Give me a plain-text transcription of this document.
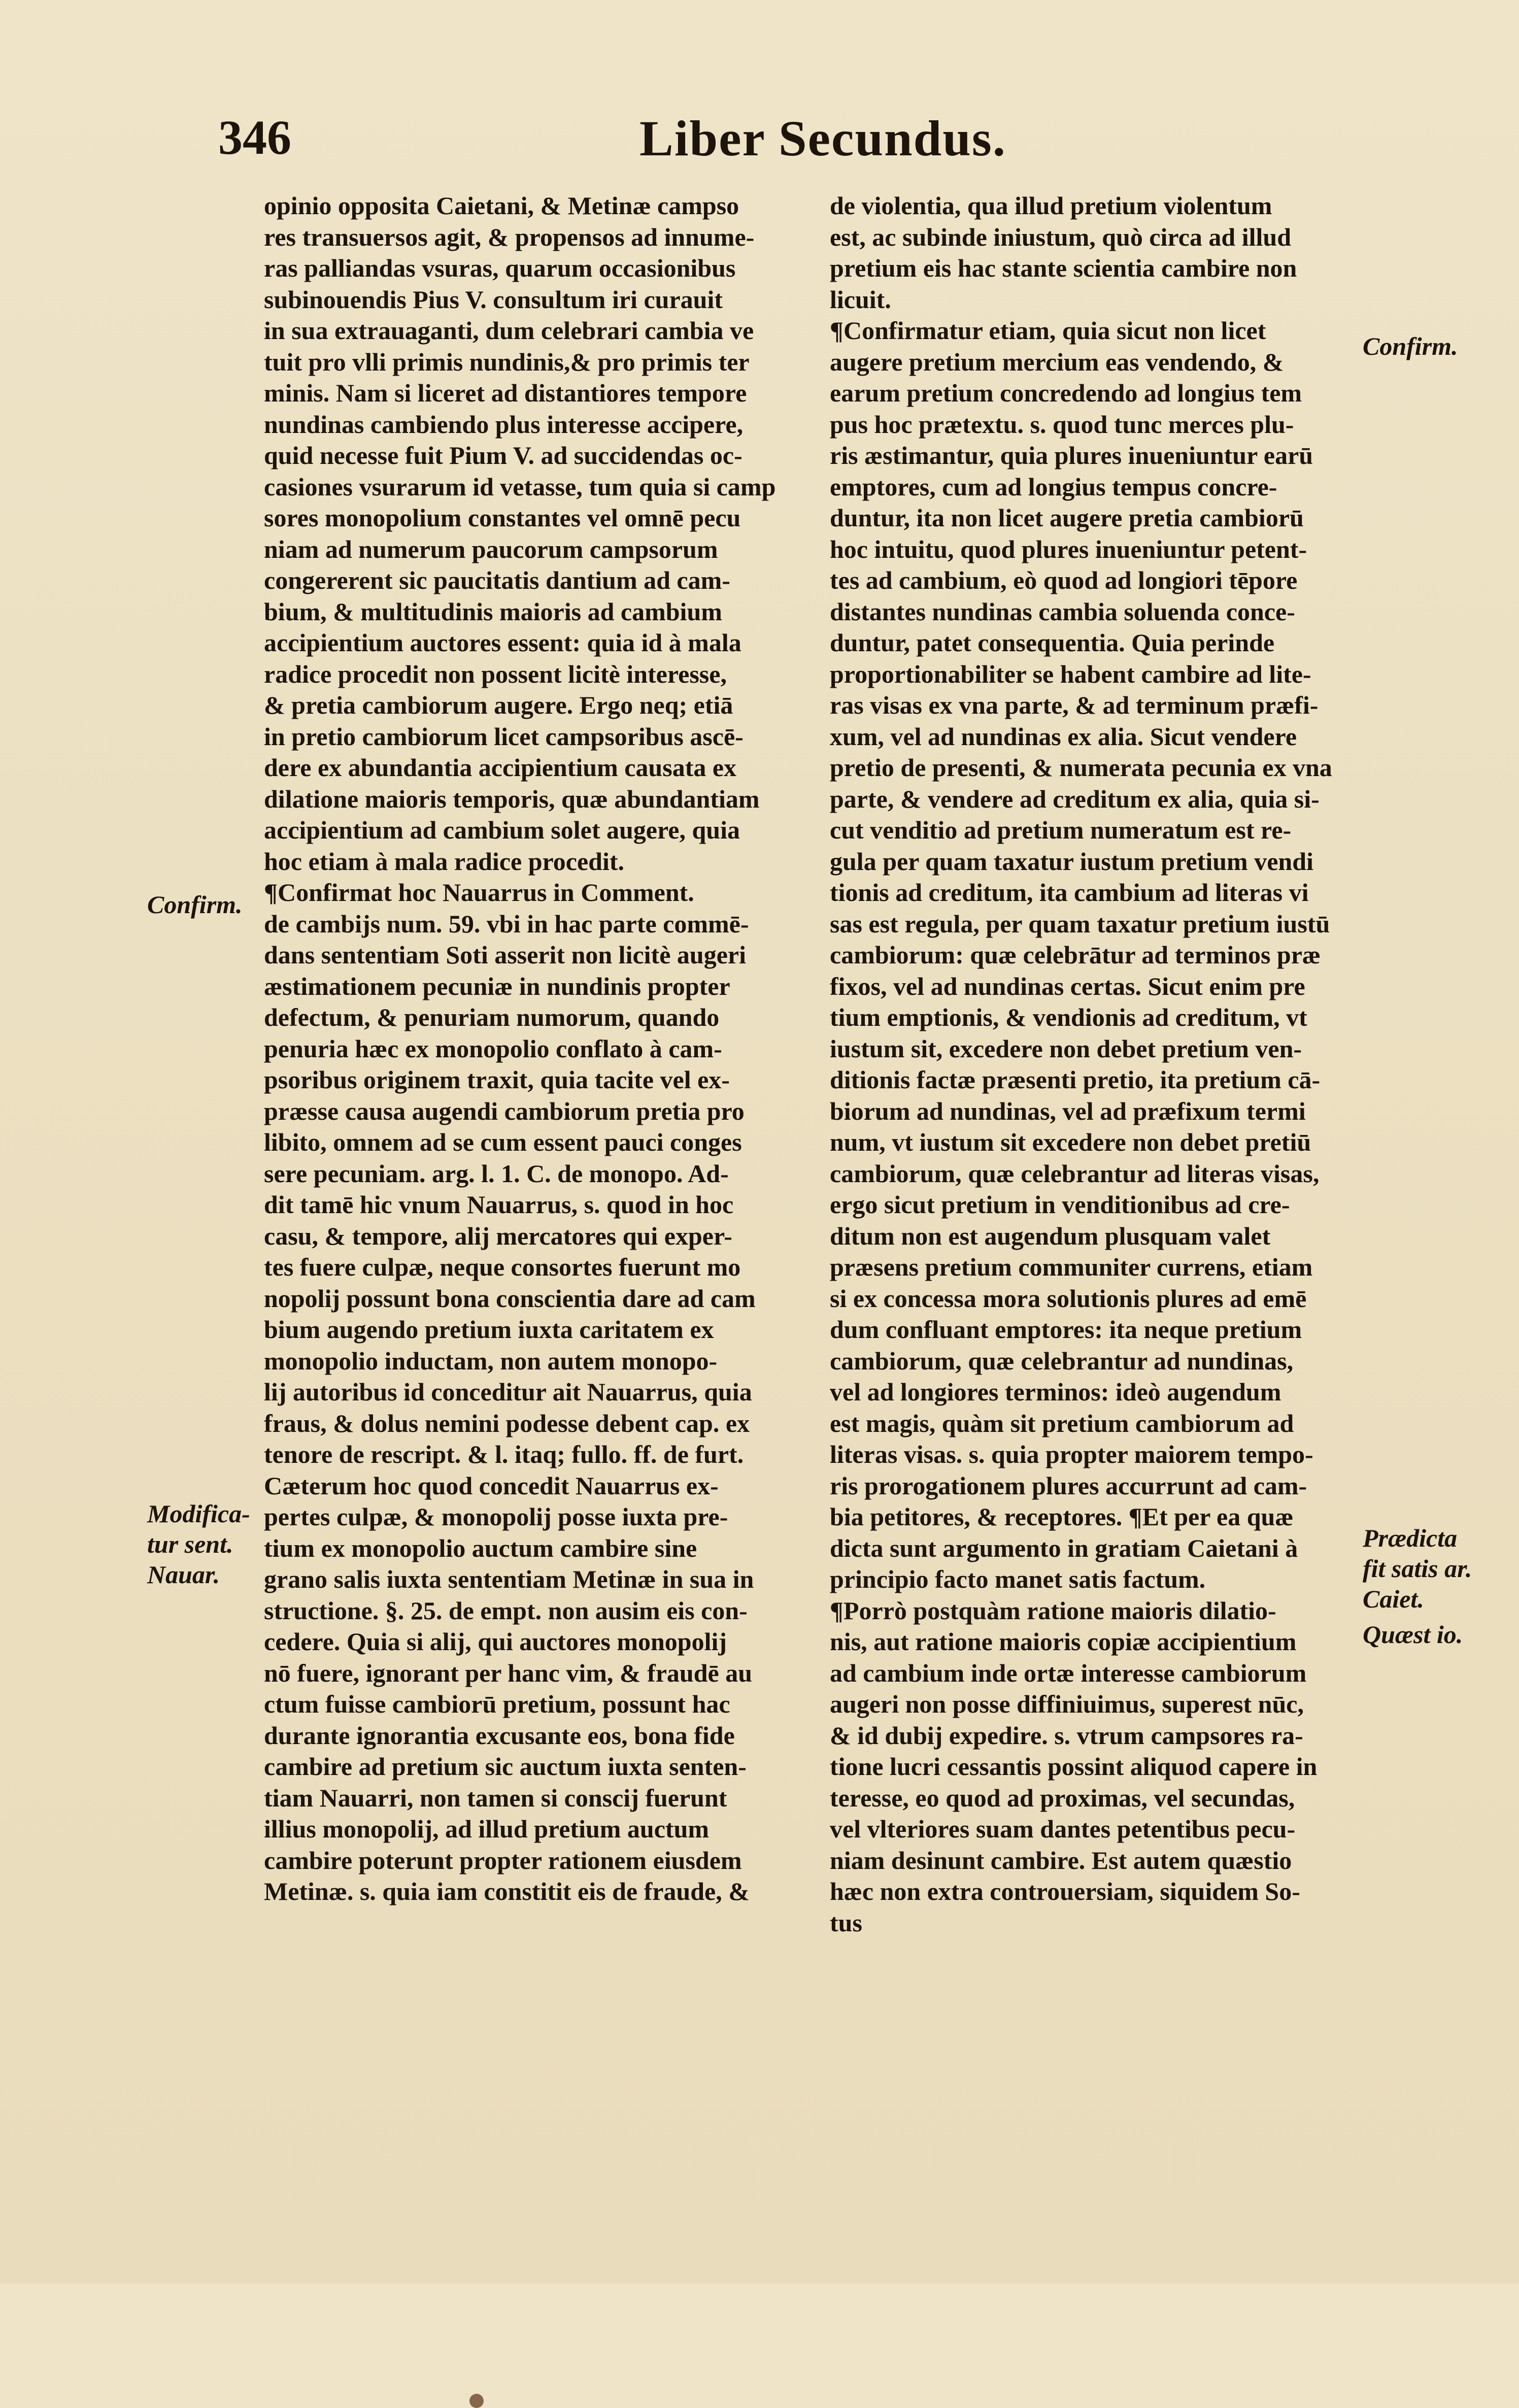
346	Liber Secundus.
opinio opposita Caietani, & Metinæ campso
res transuersos agit, & propensos ad innume-
ras palliandas vsuras, quarum occasionibus
subinouendis Pius V. consultum iri curauit
in sua extrauaganti, dum celebrari cambia ve
tuit pro vlli primis nundinis,& pro primis ter
minis. Nam si liceret ad distantiores tempore
nundinas cambiendo plus interesse accipere,
quid necesse fuit Pium V. ad succidendas oc-
casiones vsurarum id vetasse, tum quia si camp
sores monopolium constantes vel omnē pecu
niam ad numerum paucorum campsorum
congererent sic paucitatis dantium ad cam-
bium, & multitudinis maioris ad cambium
accipientium auctores essent: quia id à mala
radice procedit non possent licitè interesse,
& pretia cambiorum augere. Ergo neq; etiā
in pretio cambiorum licet campsoribus ascē-
dere ex abundantia accipientium causata ex
dilatione maioris temporis, quæ abundantiam
accipientium ad cambium solet augere, quia
hoc etiam à mala radice procedit.
¶Confirmat hoc Nauarrus in Comment.
de cambijs num. 59. vbi in hac parte commē-
dans sententiam Soti asserit non licitè augeri
æstimationem pecuniæ in nundinis propter
defectum, & penuriam numorum, quando
penuria hæc ex monopolio conflato à cam-
psoribus originem traxit, quia tacite vel ex-
præsse causa augendi cambiorum pretia pro
libito, omnem ad se cum essent pauci conges
sere pecuniam. arg. l. 1. C. de monopo. Ad-
dit tamē hic vnum Nauarrus, s. quod in hoc
casu, & tempore, alij mercatores qui exper-
tes fuere culpæ, neque consortes fuerunt mo
nopolij possunt bona conscientia dare ad cam
bium augendo pretium iuxta caritatem ex
monopolio inductam, non autem monopo-
lij autoribus id conceditur ait Nauarrus, quia
fraus, & dolus nemini podesse debent cap. ex
tenore de rescript. & l. itaq; fullo. ff. de furt.
Cæterum hoc quod concedit Nauarrus ex-
pertes culpæ, & monopolij posse iuxta pre-
tium ex monopolio auctum cambire sine
grano salis iuxta sententiam Metinæ in sua in
structione. §. 25. de empt. non ausim eis con-
cedere. Quia si alij, qui auctores monopolij
nō fuere, ignorant per hanc vim, & fraudē au
ctum fuisse cambiorū pretium, possunt hac
durante ignorantia excusante eos, bona fide
cambire ad pretium sic auctum iuxta senten-
tiam Nauarri, non tamen si conscij fuerunt
illius monopolij, ad illud pretium auctum
cambire poterunt propter rationem eiusdem
Metinæ. s. quia iam constitit eis de fraude, &
de violentia, qua illud pretium violentum
est, ac subinde iniustum, quò circa ad illud
pretium eis hac stante scientia cambire non
licuit.
¶Confirmatur etiam, quia sicut non licet
augere pretium mercium eas vendendo, &
earum pretium concredendo ad longius tem
pus hoc prætextu. s. quod tunc merces plu-
ris æstimantur, quia plures inueniuntur earū
emptores, cum ad longius tempus concre-
duntur, ita non licet augere pretia cambiorū
hoc intuitu, quod plures inueniuntur petent-
tes ad cambium, eò quod ad longiori tēpore
distantes nundinas cambia soluenda conce-
duntur, patet consequentia. Quia perinde
proportionabiliter se habent cambire ad lite-
ras visas ex vna parte, & ad terminum præfi-
xum, vel ad nundinas ex alia. Sicut vendere
pretio de presenti, & numerata pecunia ex vna
parte, & vendere ad creditum ex alia, quia si-
cut venditio ad pretium numeratum est re-
gula per quam taxatur iustum pretium vendi
tionis ad creditum, ita cambium ad literas vi
sas est regula, per quam taxatur pretium iustū
cambiorum: quæ celebrātur ad terminos præ
fixos, vel ad nundinas certas. Sicut enim pre
tium emptionis, & vendionis ad creditum, vt
iustum sit, excedere non debet pretium ven-
ditionis factæ præsenti pretio, ita pretium cā-
biorum ad nundinas, vel ad præfixum termi
num, vt iustum sit excedere non debet pretiū
cambiorum, quæ celebrantur ad literas visas,
ergo sicut pretium in venditionibus ad cre-
ditum non est augendum plusquam valet
præsens pretium communiter currens, etiam
si ex concessa mora solutionis plures ad emē
dum confluant emptores: ita neque pretium
cambiorum, quæ celebrantur ad nundinas,
vel ad longiores terminos: ideò augendum
est magis, quàm sit pretium cambiorum ad
literas visas. s. quia propter maiorem tempo-
ris prorogationem plures accurrunt ad cam-
bia petitores, & receptores. ¶Et per ea quæ
dicta sunt argumento in gratiam Caietani à
principio facto manet satis factum.
¶Porrò postquàm ratione maioris dilatio-
nis, aut ratione maioris copiæ accipientium
ad cambium inde ortæ interesse cambiorum
augeri non posse diffiniuimus, superest nūc,
& id dubij expedire. s. vtrum campsores ra-
tione lucri cessantis possint aliquod capere in
teresse, eo quod ad proximas, vel secundas,
vel vlteriores suam dantes petentibus pecu-
niam desinunt cambire. Est autem quæstio
hæc non extra controuersiam, siquidem So-
tus
Confirm.
Modifica-
tur sent.
Nauar.
Confirm.
Prædicta
fit satis ar.
Caiet.
Quæst io.
